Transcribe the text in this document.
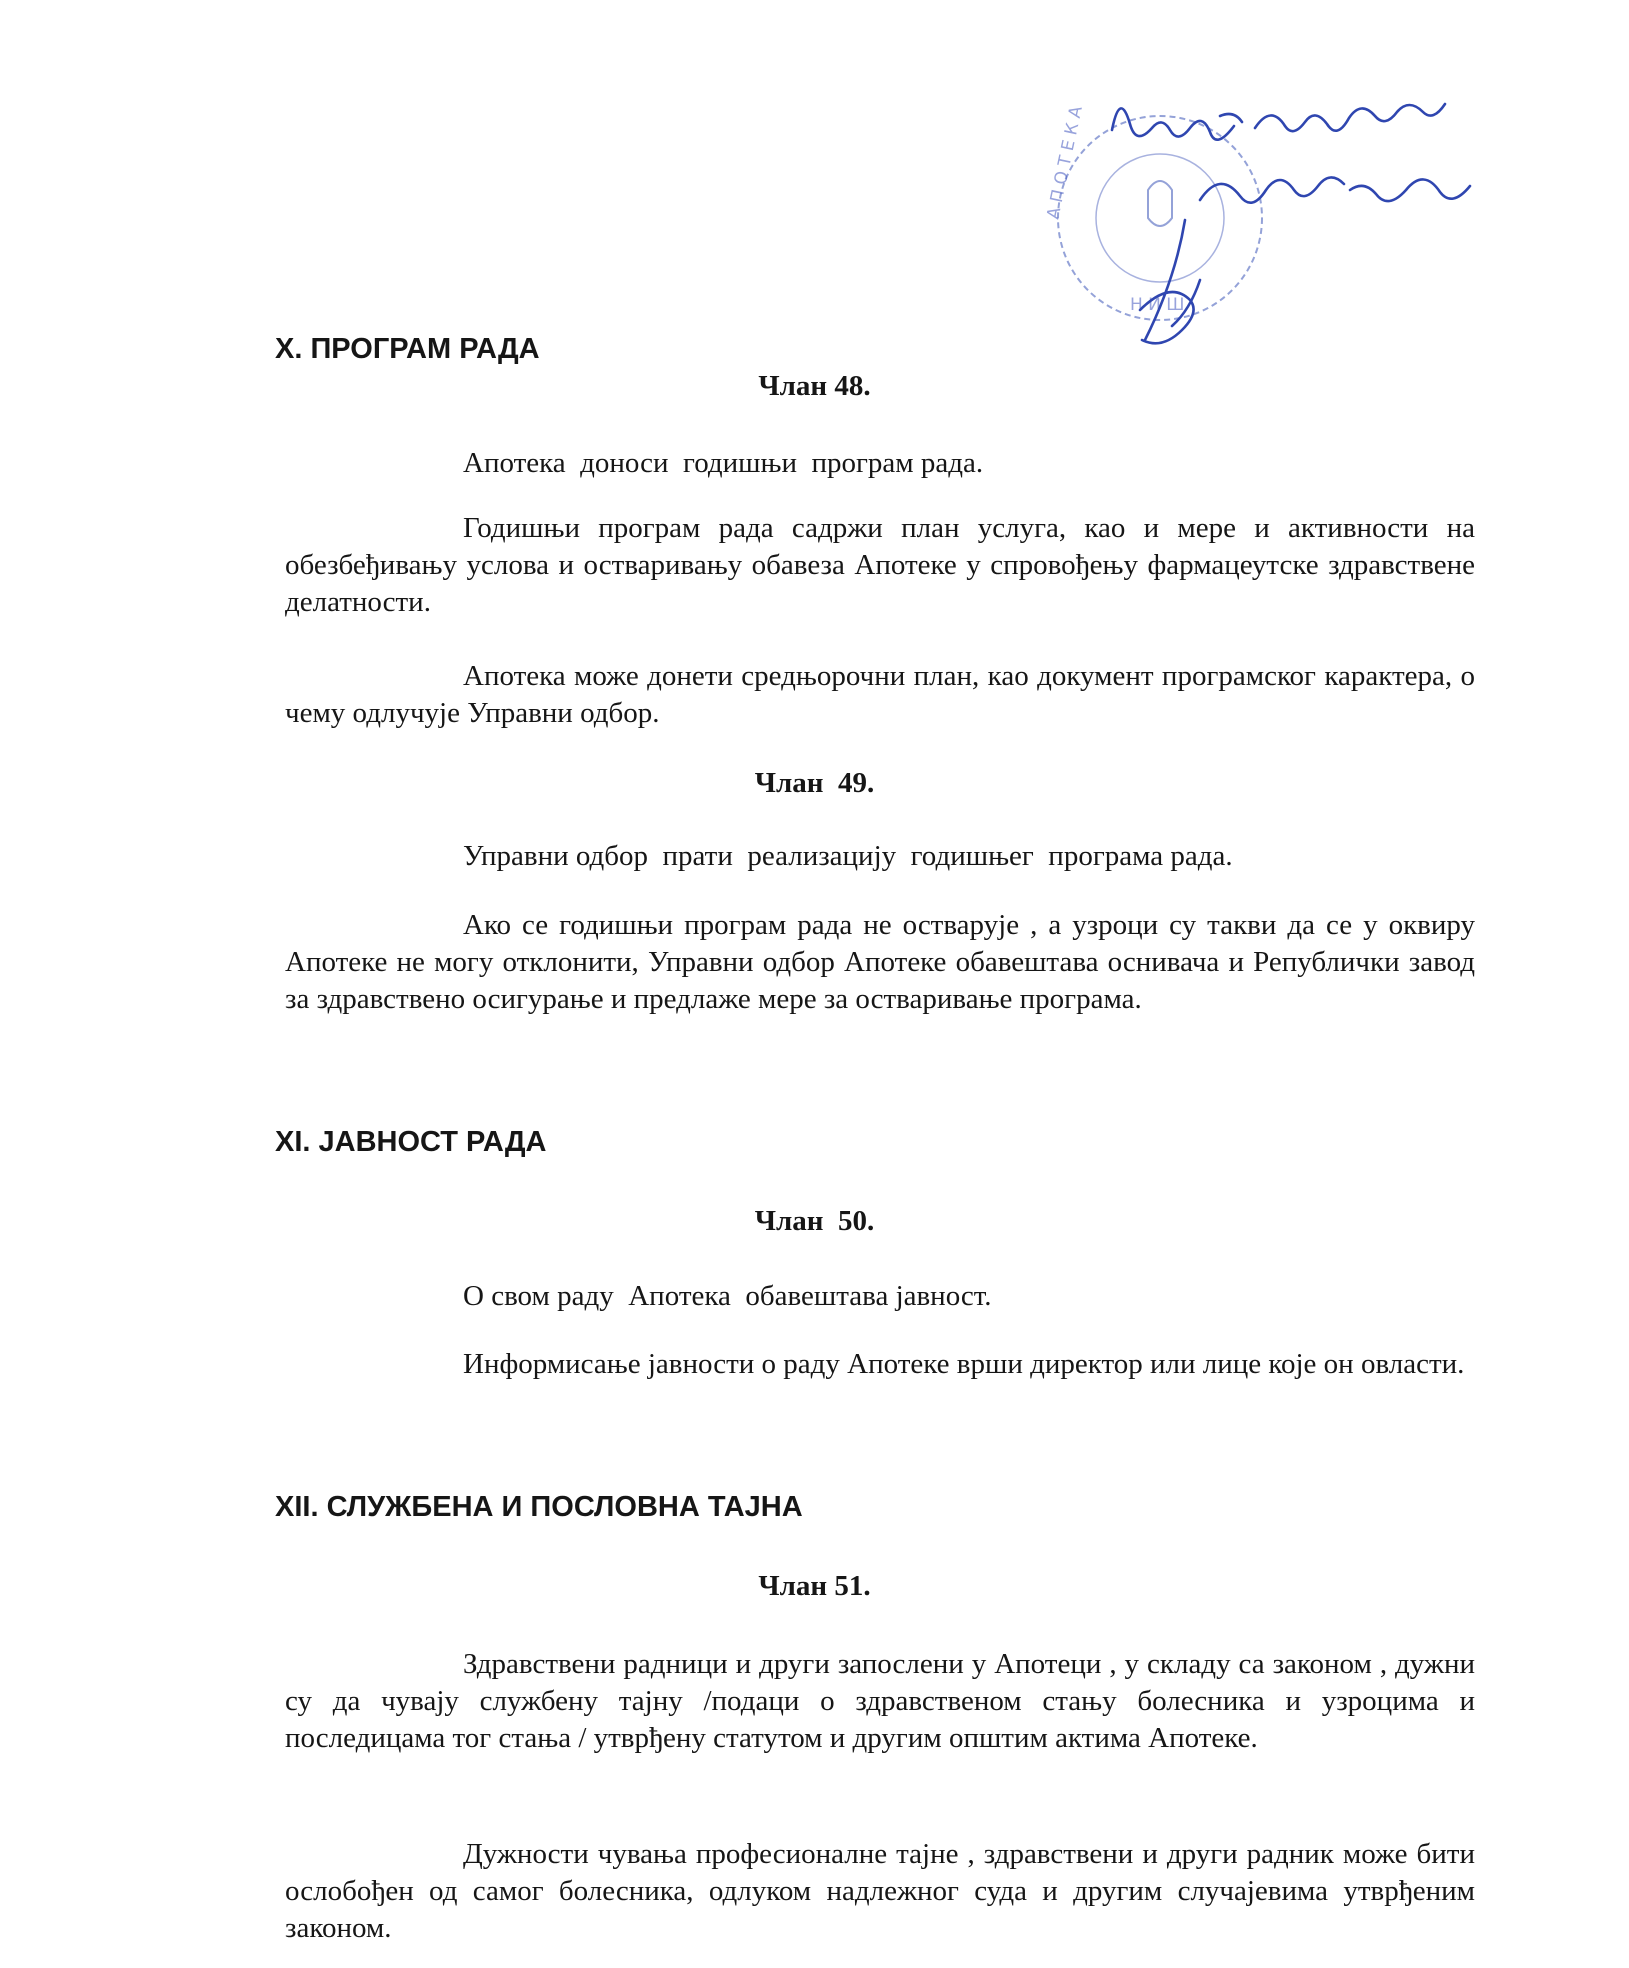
А П О Т Е К А
Н И Ш
X. ПРОГРАМ РАДА
Члан 48.

Апотека  доноси  годишњи  програм рада.

Годишњи програм рада садржи план услуга, као и мере и активности на обезбеђивању услова и остваривању обавеза Апотеке у спровођењу фармацеутске здравствене делатности.

Апотека може донети средњорочни план, као документ програмског карактера, о чему одлучује Управни одбор.

Члан  49.

Управни одбор  прати  реализацију  годишњег  програма рада.

Ако се годишњи програм рада не остварује , а узроци су такви да се у оквиру Апотеке не могу отклонити, Управни одбор Апотеке обавештава оснивача и Републички завод за здравствено осигурање и предлаже мере за остваривање програма.

XI. ЈАВНОСТ РАДА
Члан  50.

О свом раду  Апотека  обавештава јавност.

Информисање јавности о раду Апотеке врши директор или лице које он овласти.

XII. СЛУЖБЕНА И ПОСЛОВНА ТАЈНА
Члан 51.

Здравствени радници и други запослени у Апотеци , у складу са законом , дужни су да чувају службену тајну /подаци о здравственом стању болесника и узроцима и последицама тог стања / утврђену статутом и другим општим актима Апотеке.

Дужности чувања професионалне тајне , здравствени и други радник може бити ослобођен од самог болесника, одлуком надлежног суда и другим случајевима утврђеним законом.
